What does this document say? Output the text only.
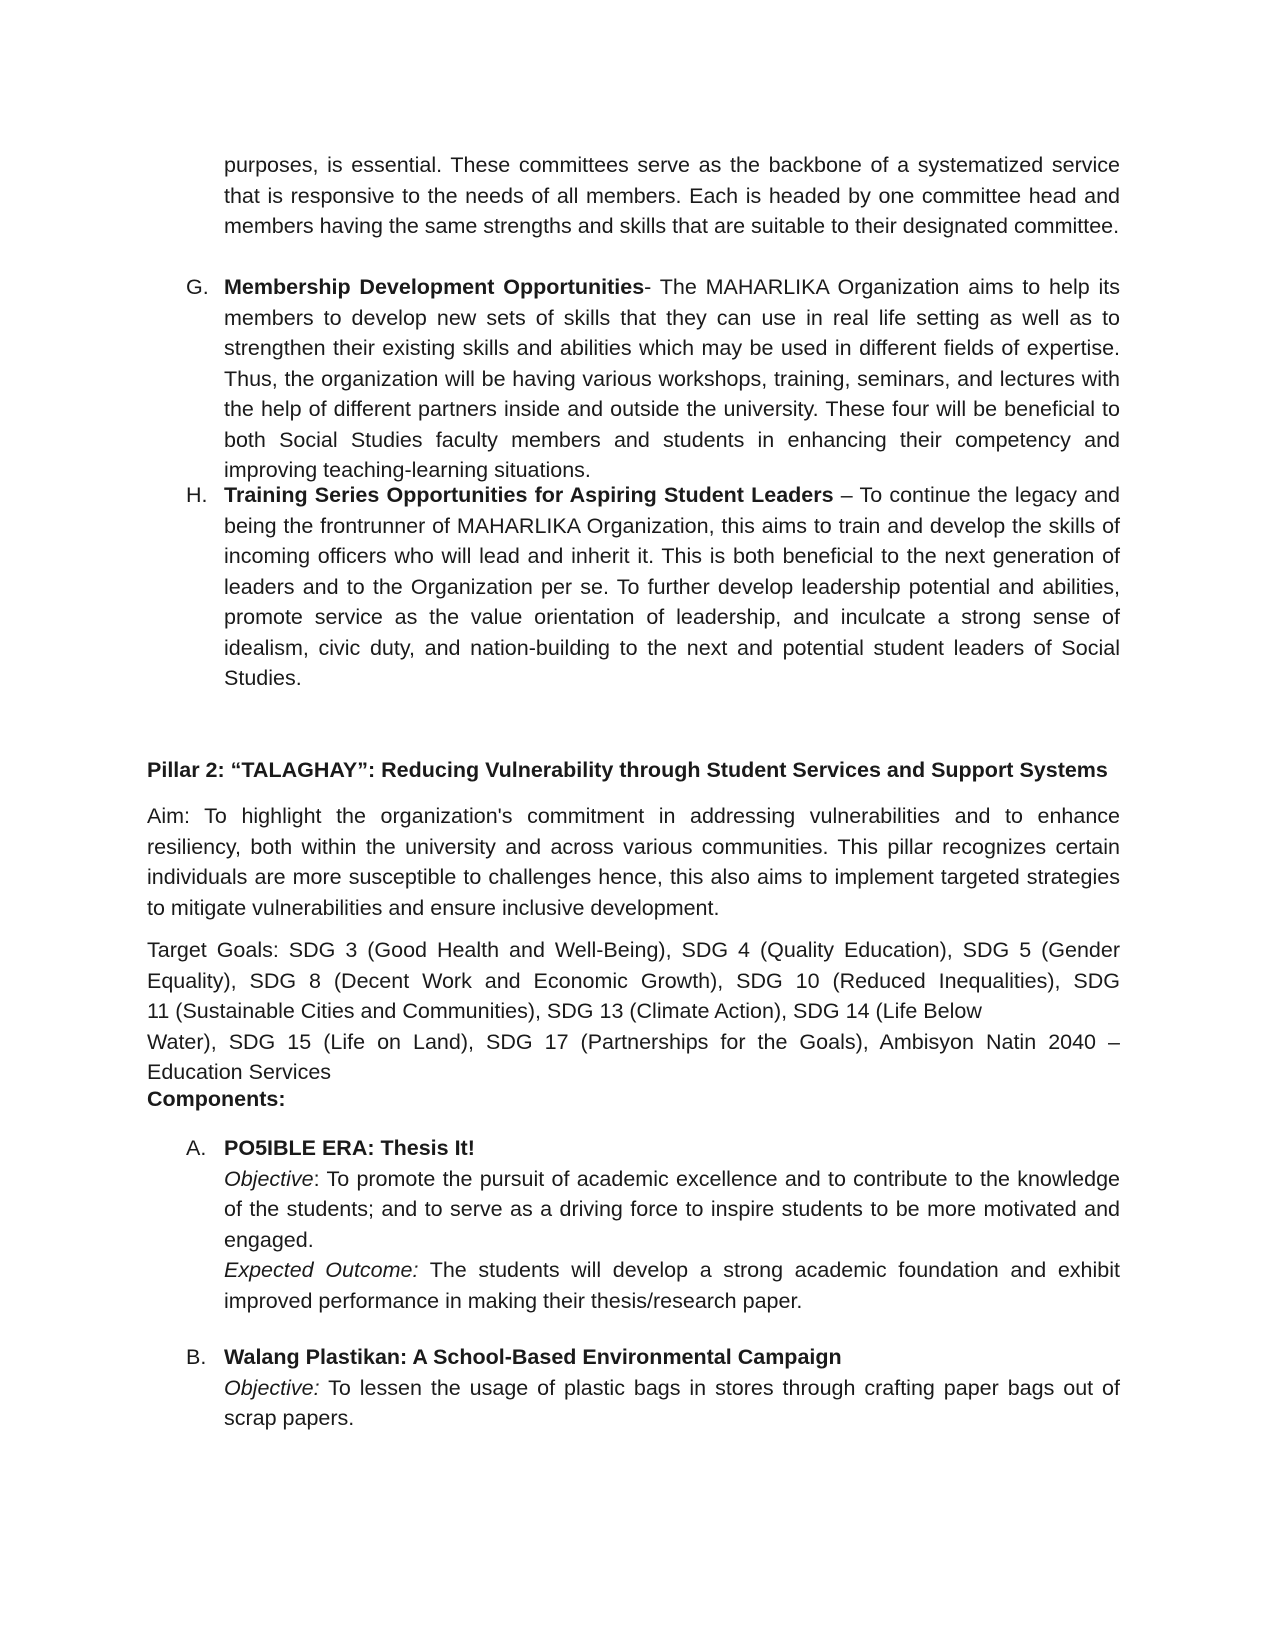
purposes, is essential. These committees serve as the backbone of a systematized service that is responsive to the needs of all members. Each is headed by one committee head and members having the same strengths and skills that are suitable to their designated committee.

G. Membership Development Opportunities- The MAHARLIKA Organization aims to help its members to develop new sets of skills that they can use in real life setting as well as to strengthen their existing skills and abilities which may be used in different fields of expertise. Thus, the organization will be having various workshops, training, seminars, and lectures with the help of different partners inside and outside the university. These four will be beneficial to both Social Studies faculty members and students in enhancing their competency and improving teaching-learning situations.

H. Training Series Opportunities for Aspiring Student Leaders – To continue the legacy and being the frontrunner of MAHARLIKA Organization, this aims to train and develop the skills of incoming officers who will lead and inherit it. This is both beneficial to the next generation of leaders and to the Organization per se. To further develop leadership potential and abilities, promote service as the value orientation of leadership, and inculcate a strong sense of idealism, civic duty, and nation-building to the next and potential student leaders of Social Studies.

Pillar 2: “TALAGHAY”: Reducing Vulnerability through Student Services and Support Systems

Aim: To highlight the organization's commitment in addressing vulnerabilities and to enhance resiliency, both within the university and across various communities. This pillar recognizes certain individuals are more susceptible to challenges hence, this also aims to implement targeted strategies to mitigate vulnerabilities and ensure inclusive development.

Target Goals: SDG 3 (Good Health and Well-Being), SDG 4 (Quality Education), SDG 5 (Gender
Equality), SDG 8 (Decent Work and Economic Growth), SDG 10 (Reduced Inequalities), SDG
11 (Sustainable Cities and Communities), SDG 13 (Climate Action), SDG 14 (Life Below
Water), SDG 15 (Life on Land), SDG 17 (Partnerships for the Goals), Ambisyon Natin 2040 –
Education Services
Components:
A. PO5IBLE ERA: Thesis It!

Objective: To promote the pursuit of academic excellence and to contribute to the knowledge of the students; and to serve as a driving force to inspire students to be more motivated and engaged.

Expected Outcome: The students will develop a strong academic foundation and exhibit improved performance in making their thesis/research paper.

B. Walang Plastikan: A School-Based Environmental Campaign

Objective: To lessen the usage of plastic bags in stores through crafting paper bags out of scrap papers.
